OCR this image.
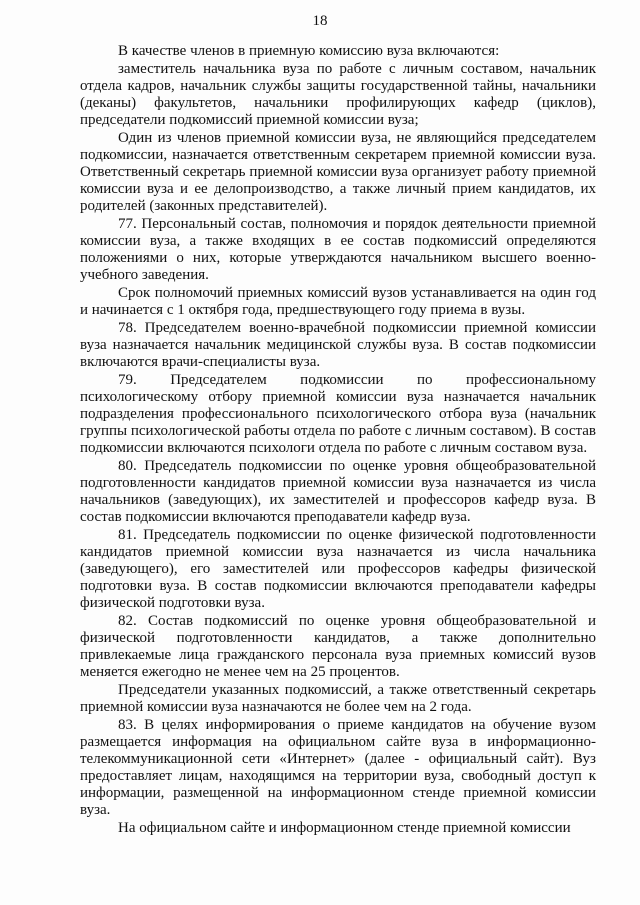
18

В качестве членов в приемную комиссию вуза включаются:

заместитель начальника вуза по работе с личным составом, начальник отдела кадров, начальник службы защиты государственной тайны, начальники (деканы) факультетов, начальники профилирующих кафедр (циклов), председатели подкомиссий приемной комиссии вуза;

Один из членов приемной комиссии вуза, не являющийся председателем подкомиссии, назначается ответственным секретарем приемной комиссии вуза. Ответственный секретарь приемной комиссии вуза организует работу приемной комиссии вуза и ее делопроизводство, а также личный прием кандидатов, их родителей (законных представителей).

77. Персональный состав, полномочия и порядок деятельности приемной комиссии вуза, а также входящих в ее состав подкомиссий определяются положениями о них, которые утверждаются начальником высшего военно-учебного заведения.

Срок полномочий приемных комиссий вузов устанавливается на один год и начинается с 1 октября года, предшествующего году приема в вузы.

78. Председателем военно-врачебной подкомиссии приемной комиссии вуза назначается начальник медицинской службы вуза. В состав подкомиссии включаются врачи-специалисты вуза.

79. Председателем подкомиссии по профессиональному психологическому отбору приемной комиссии вуза назначается начальник подразделения профессионального психологического отбора вуза (начальник группы психологической работы отдела по работе с личным составом). В состав подкомиссии включаются психологи отдела по работе с личным составом вуза.

80. Председатель подкомиссии по оценке уровня общеобразовательной подготовленности кандидатов приемной комиссии вуза назначается из числа начальников (заведующих), их заместителей и профессоров кафедр вуза. В состав подкомиссии включаются преподаватели кафедр вуза.

81. Председатель подкомиссии по оценке физической подготовленности кандидатов приемной комиссии вуза назначается из числа начальника (заведующего), его заместителей или профессоров кафедры физической подготовки вуза. В состав подкомиссии включаются преподаватели кафедры физической подготовки вуза.

82. Состав подкомиссий по оценке уровня общеобразовательной и физической подготовленности кандидатов, а также дополнительно привлекаемые лица гражданского персонала вуза приемных комиссий вузов меняется ежегодно не менее чем на 25 процентов.

Председатели указанных подкомиссий, а также ответственный секретарь приемной комиссии вуза назначаются не более чем на 2 года.

83. В целях информирования о приеме кандидатов на обучение вузом размещается информация на официальном сайте вуза в информационно-телекоммуникационной сети «Интернет» (далее - официальный сайт). Вуз предоставляет лицам, находящимся на территории вуза, свободный доступ к информации, размещенной на информационном стенде приемной комиссии вуза.

На официальном сайте и информационном стенде приемной комиссии
